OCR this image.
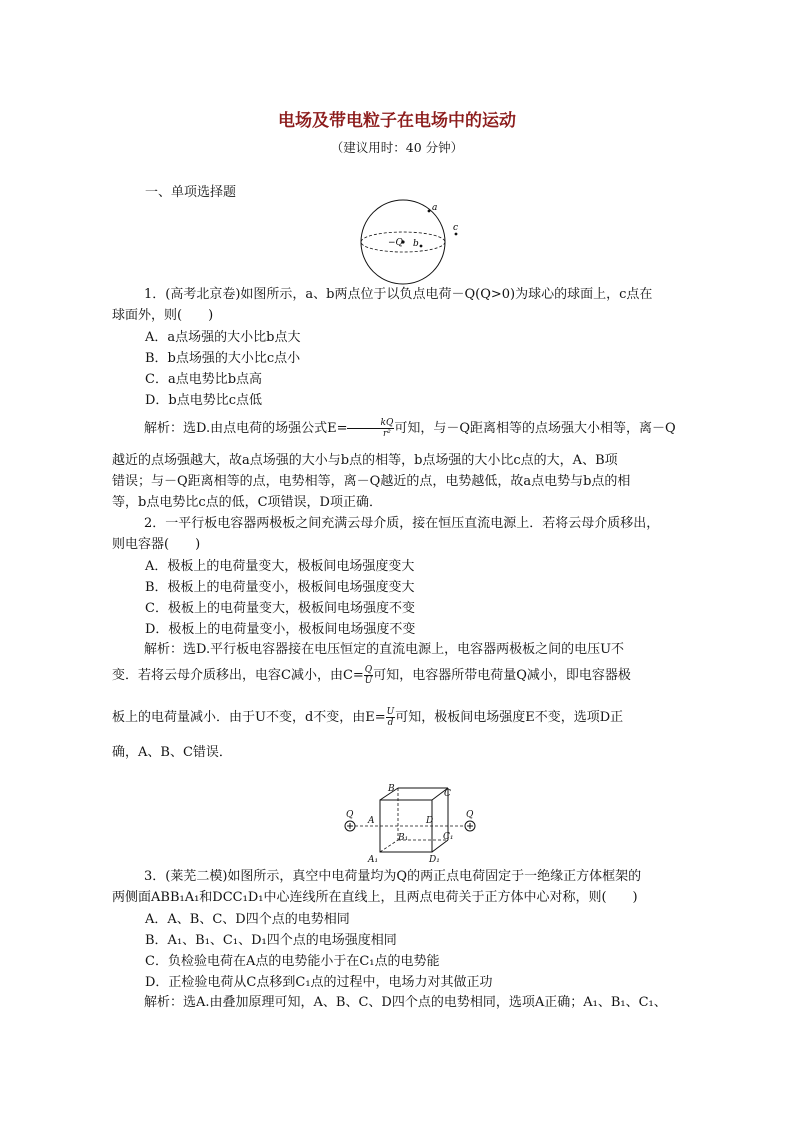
电场及带电粒子在电场中的运动
（建议用时：40 分钟）
一、单项选择题
−Q
a
b
c
1．(高考北京卷)如图所示，a、b两点位于以负点电荷－Q(Q>0)为球心的球面上，c点在
球面外，则(　　)
A．a点场强的大小比b点大
B．b点场强的大小比c点小
C．a点电势比b点高
D．b点电势比c点低
解析：选D.由点电荷的场强公式$E= \frac{kQ}{\text{r²}}$ 可知，与－Q距离相等的点场强大小相等，离－Q
越近的点场强越大，故a点场强的大小与b点的相等，b点场强的大小比c点的大，A、B项
错误；与－Q距离相等的点，电势相等，离－Q越近的点，电势越低，故a点电势与b点的相
等，b点电势比c点的低，C项错误，D项正确．
2．一平行板电容器两极板之间充满云母介质，接在恒压直流电源上．若将云母介质移出，
则电容器(　　)
A．极板上的电荷量变大，极板间电场强度变大
B．极板上的电荷量变小，极板间电场强度变大
C．极板上的电荷量变大，极板间电场强度不变
D．极板上的电荷量变小，极板间电场强度不变
解析：选D.平行板电容器接在电压恒定的直流电源上，电容器两极板之间的电压U不
变．若将云母介质移出，电容C减小，由$C= \frac{Q}{U}$ 可知，电容器所带电荷量Q减小，即电容器极
板上的电荷量减小．由于U不变，d不变，由$E= \frac{U}{d}$ 可知，极板间电场强度E不变，选项D正
确，A、B、C错误．
Q	Q
B	C
A	D
B₁	C₁
A₁	D₁
3．(莱芜二模)如图所示，真空中电荷量均为Q的两正点电荷固定于一绝缘正方体框架的
两侧面ABB₁A₁和DCC₁D₁中心连线所在直线上，且两点电荷关于正方体中心对称，则(　　)
A．A、B、C、D四个点的电势相同
B．A₁、B₁、C₁、D₁四个点的电场强度相同
C．负检验电荷在A点的电势能小于在C₁点的电势能
D．正检验电荷从C点移到C₁点的过程中，电场力对其做正功
解析：选A.由叠加原理可知，A、B、C、D四个点的电势相同，选项A正确；A₁、B₁、C₁、
